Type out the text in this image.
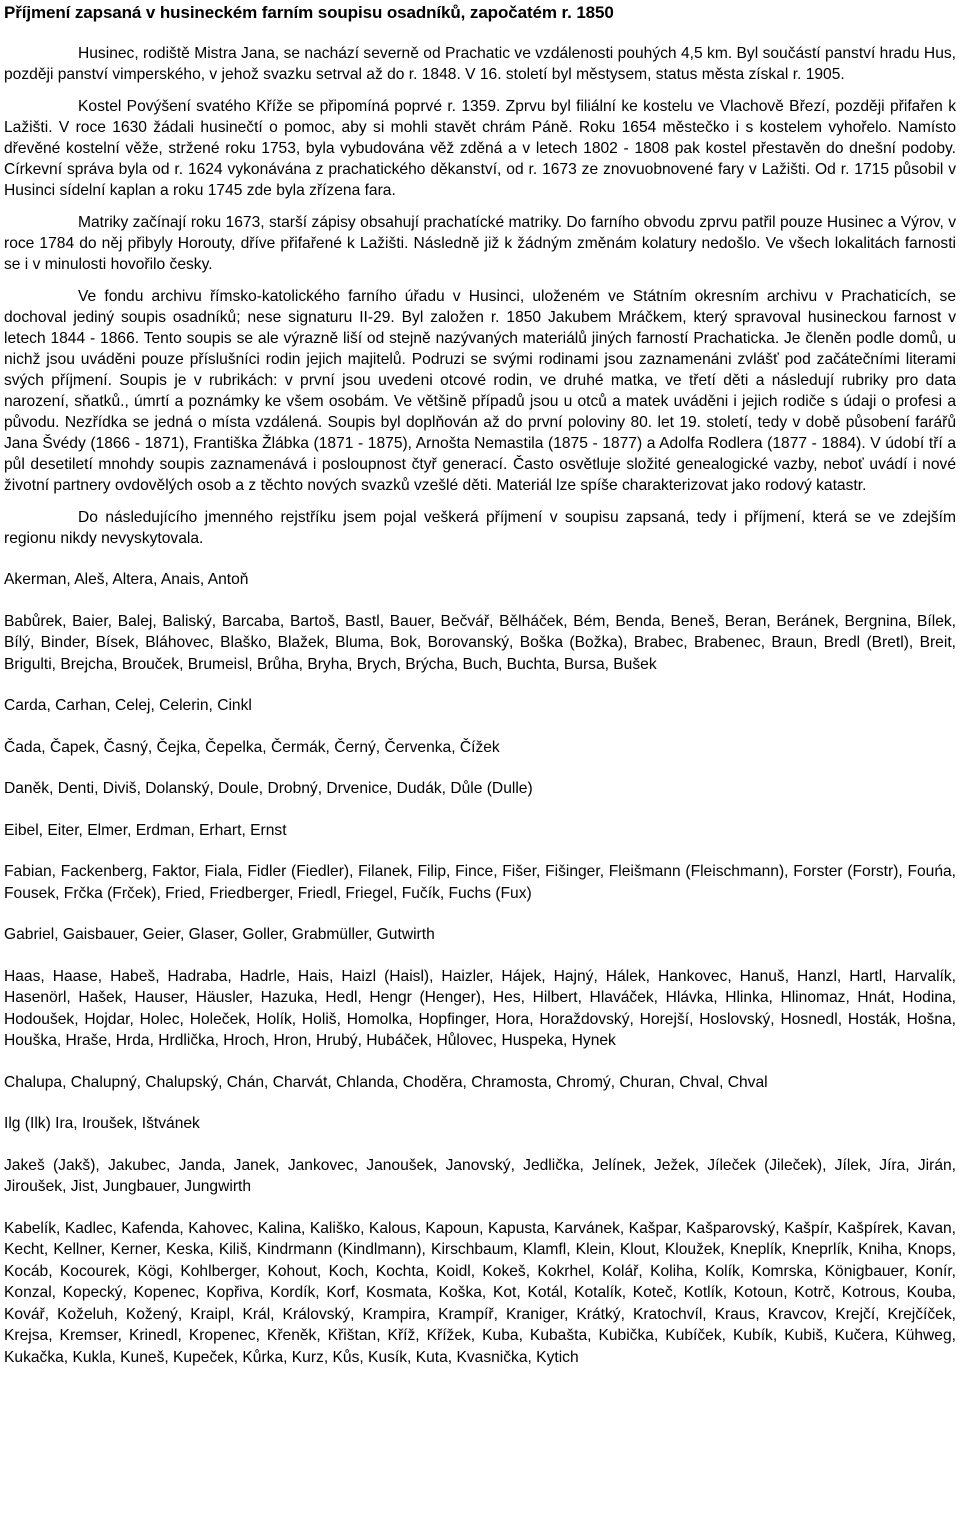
Příjmení zapsaná v husineckém farním soupisu osadníků, započatém r. 1850

Husinec, rodiště Mistra Jana, se nachází severně od Prachatic ve vzdálenosti pouhých 4,5 km. Byl součástí panství hradu Hus, později panství vimperského, v jehož svazku setrval až do r. 1848. V 16. století byl městysem, status města získal r. 1905.

Kostel Povýšení svatého Kříže se připomíná poprvé r. 1359. Zprvu byl filiální ke kostelu ve Vlachově Březí, později přifařen k Lažišti. V roce 1630 žádali husinečtí o pomoc, aby si mohli stavět chrám Páně. Roku 1654 městečko i s kostelem vyhořelo. Namísto dřevěné kostelní věže, stržené roku 1753, byla vybudována věž zděná a v letech 1802 - 1808 pak kostel přestavěn do dnešní podoby. Církevní správa byla od r. 1624 vykonávána z prachatického děkanství, od r. 1673 ze znovuobnovené fary v Lažišti. Od r. 1715 působil v Husinci sídelní kaplan a roku 1745 zde byla zřízena fara.

Matriky začínají roku 1673, starší zápisy obsahují prachatícké matriky. Do farního obvodu zprvu patřil pouze Husinec a Výrov, v roce 1784 do něj přibyly Horouty, dříve přifařené k Lažišti. Následně již k žádným změnám kolatury nedošlo. Ve všech lokalitách farnosti se i v minulosti hovořilo česky.

Ve fondu archivu římsko-katolického farního úřadu v Husinci, uloženém ve Státním okresním archivu v Prachaticích, se dochoval jediný soupis osadníků; nese signaturu II-29. Byl založen r. 1850 Jakubem Mráčkem, který spravoval husineckou farnost v letech 1844 - 1866. Tento soupis se ale výrazně liší od stejně nazývaných materiálů jiných farností Prachaticka. Je členěn podle domů, u nichž jsou uváděni pouze příslušníci rodin jejich majitelů. Podruzi se svými rodinami jsou zaznamenáni zvlášť pod začátečními literami svých příjmení. Soupis je v rubrikách: v první jsou uvedeni otcové rodin, ve druhé matka, ve třetí děti a následují rubriky pro data narození, sňatků., úmrtí a poznámky ke všem osobám. Ve většině případů jsou u otců a matek uváděni i jejich rodiče s údaji o profesi a původu. Nezřídka se jedná o místa vzdálená. Soupis byl doplňován až do první poloviny 80. let 19. století, tedy v době působení farářů Jana Švédy (1866 - 1871), Františka Žlábka (1871 - 1875), Arnošta Nemastila (1875 - 1877) a Adolfa Rodlera (1877 - 1884). V údobí tří a půl desetiletí mnohdy soupis zaznamenává i posloupnost čtyř generací. Často osvětluje složité genealogické vazby, neboť uvádí i nové životní partnery ovdovělých osob a z těchto nových svazků vzešlé děti. Materiál lze spíše charakterizovat jako rodový katastr.

Do následujícího jmenného rejstříku jsem pojal veškerá příjmení v soupisu zapsaná, tedy i příjmení, která se ve zdejším regionu nikdy nevyskytovala.

Akerman, Aleš, Altera, Anais, Antoň

Babůrek, Baier, Balej, Baliský, Barcaba, Bartoš, Bastl, Bauer, Bečvář, Bělháček, Bém, Benda, Beneš, Beran, Beránek, Bergnina, Bílek, Bílý, Binder, Bísek, Bláhovec, Blaško, Blažek, Bluma, Bok, Borovanský, Boška (Božka), Brabec, Brabenec, Braun, Bredl (Bretl), Breit, Brigulti, Brejcha, Brouček, Brumeisl, Brůha, Bryha, Brych, Brýcha, Buch, Buchta, Bursa, Bušek

Carda, Carhan, Celej, Celerin, Cinkl

Čada, Čapek, Časný, Čejka, Čepelka, Čermák, Černý, Červenka, Čížek

Daněk, Denti, Diviš, Dolanský, Doule, Drobný, Drvenice, Dudák, Důle (Dulle)

Eibel, Eiter, Elmer, Erdman, Erhart, Ernst

Fabian, Fackenberg, Faktor, Fiala, Fidler (Fiedler), Filanek, Filip, Fince, Fišer, Fišinger, Fleišmann (Fleischmann), Forster (Forstr), Fouńa, Fousek, Frčka (Frček), Fried, Friedberger, Friedl, Friegel, Fučík, Fuchs (Fux)

Gabriel, Gaisbauer, Geier, Glaser, Goller, Grabmüller, Gutwirth

Haas, Haase, Habeš, Hadraba, Hadrle, Hais, Haizl (Haisl), Haizler, Hájek, Hajný, Hálek, Hankovec, Hanuš, Hanzl, Hartl, Harvalík, Hasenörl, Hašek, Hauser, Häusler, Hazuka, Hedl, Hengr (Henger), Hes, Hilbert, Hlaváček, Hlávka, Hlinka, Hlinomaz, Hnát, Hodina, Hodoušek, Hojdar, Holec, Holeček, Holík, Holiš, Homolka, Hopfinger, Hora, Horaždovský, Horejší, Hoslovský, Hosnedl, Hosták, Hošna, Houška, Hraše, Hrda, Hrdlička, Hroch, Hron, Hrubý, Hubáček, Hůlovec, Huspeka, Hynek

Chalupa, Chalupný, Chalupský, Chán, Charvát, Chlanda, Choděra, Chramosta, Chromý, Churan, Chval, Chval

Ilg (Ilk) Ira, Iroušek, Ištvánek

Jakeš (Jakš), Jakubec, Janda, Janek, Jankovec, Janoušek, Janovský, Jedlička, Jelínek, Ježek, Jíleček (Jileček), Jílek, Jíra, Jirán, Jiroušek, Jist, Jungbauer, Jungwirth

Kabelík, Kadlec, Kafenda, Kahovec, Kalina, Kališko, Kalous, Kapoun, Kapusta, Karvánek, Kašpar, Kašparovský, Kašpír, Kašpírek, Kavan, Kecht, Kellner, Kerner, Keska, Kiliš, Kindrmann (Kindlmann), Kirschbaum, Klamfl, Klein, Klout, Kloužek, Kneplík, Kneprlík, Kniha, Knops, Kocáb, Kocourek, Kögi, Kohlberger, Kohout, Koch, Kochta, Koidl, Kokeš, Kokrhel, Kolář, Koliha, Kolík, Komrska, Königbauer, Konír, Konzal, Kopecký, Kopenec, Kopřiva, Kordík, Korf, Kosmata, Koška, Kot, Kotál, Kotalík, Koteč, Kotlík, Kotoun, Kotrč, Kotrous, Kouba, Kovář, Koželuh, Kožený, Kraipl, Král, Královský, Krampira, Krampíř, Kraniger, Krátký, Kratochvíl, Kraus, Kravcov, Krejčí, Krejčíček, Krejsa, Kremser, Krinedl, Kropenec, Křeněk, Křištan, Kříž, Křížek, Kuba, Kubašta, Kubička, Kubíček, Kubík, Kubiš, Kučera, Kühweg, Kukačka, Kukla, Kuneš, Kupeček, Kůrka, Kurz, Kůs, Kusík, Kuta, Kvasnička, Kytich
